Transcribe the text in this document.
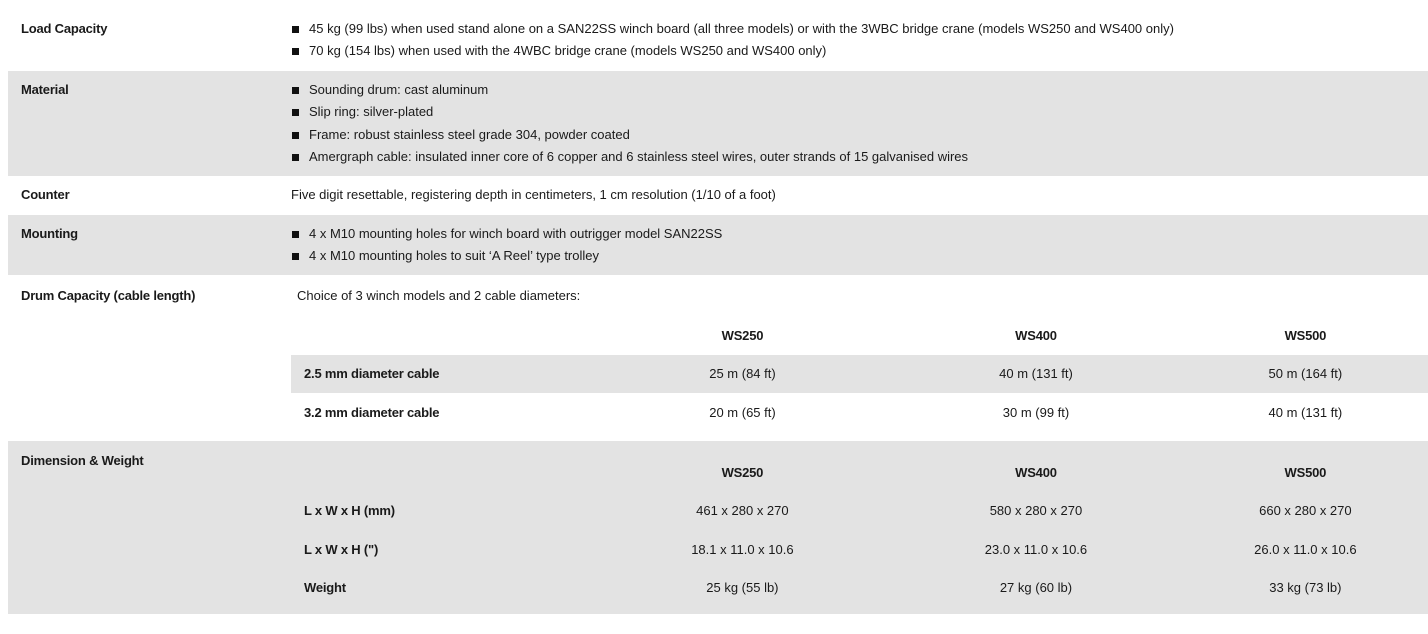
Load Capacity	45 kg (99 lbs) when used stand alone on a SAN22SS winch board (all three models) or with the 3WBC bridge crane (models WS250 and WS400 only)
70 kg (154 lbs) when used with the 4WBC bridge crane (models WS250 and WS400 only)
Material	Sounding drum: cast aluminum
Slip ring: silver-plated
Frame: robust stainless steel grade 304, powder coated
Amergraph cable: insulated inner core of 6 copper and 6 stainless steel wires, outer strands of 15 galvanised wires
Counter	Five digit resettable, registering depth in centimeters, 1 cm resolution (1/10 of a foot)
Mounting	4 x M10 mounting holes for winch board with outrigger model SAN22SS
4 x M10 mounting holes to suit ‘A Reel’ type trolley
Drum Capacity (cable length)	Choice of 3 winch models and 2 cable diameters:
	WS250	WS400	WS500
2.5 mm diameter cable	25 m (84 ft)	40 m (131 ft)	50 m (164 ft)
3.2 mm diameter cable	20 m (65 ft)	30 m (99 ft)	40 m (131 ft)
Dimension & Weight
	WS250	WS400	WS500
L x W x H (mm)	461 x 280 x 270	580 x 280 x 270	660 x 280 x 270
L x W x H (")	18.1 x 11.0 x 10.6	23.0 x 11.0 x 10.6	26.0 x 11.0 x 10.6
Weight	25 kg (55 lb)	27 kg (60 lb)	33 kg (73 lb)
